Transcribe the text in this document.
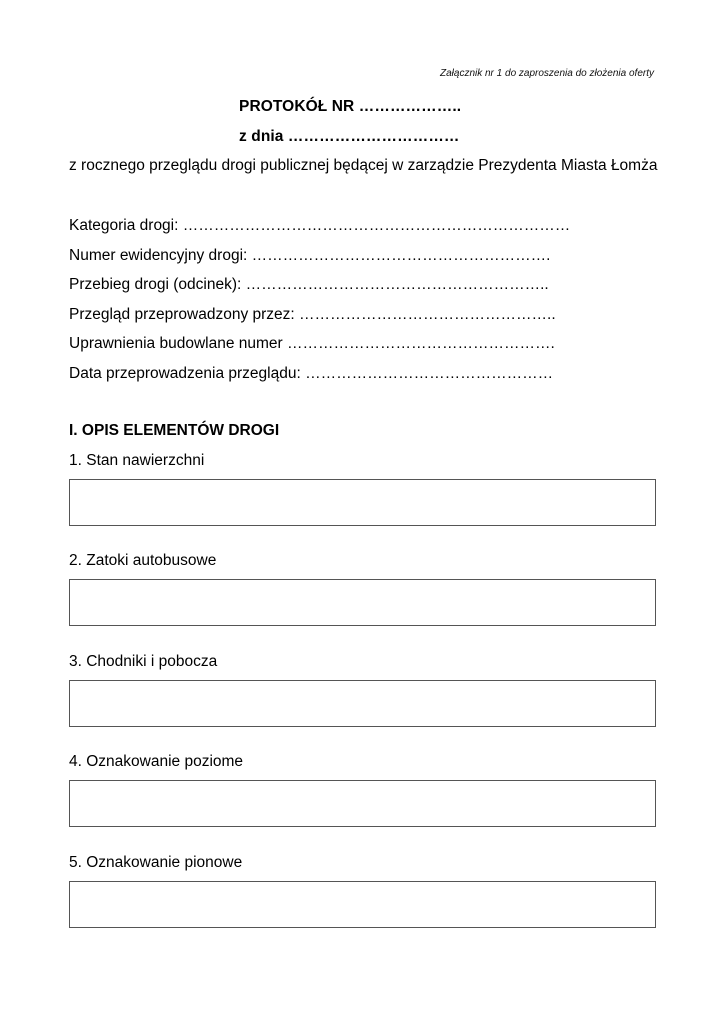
Załącznik nr 1 do zaproszenia do złożenia oferty
PROTOKÓŁ NR ………………..
z dnia ……………………………
z rocznego przeglądu drogi publicznej będącej w zarządzie Prezydenta Miasta Łomża
Kategoria drogi: …………………………………………………………………
Numer ewidencyjny drogi: ………………………………………………….
Przebieg drogi (odcinek): …………………………………………………..
Przegląd przeprowadzony przez: …………………………………………..
Uprawnienia budowlane numer …………………………………………….
Data przeprowadzenia przeglądu: …………………………………………
I. OPIS ELEMENTÓW DROGI
1. Stan nawierzchni
2. Zatoki autobusowe
3. Chodniki i pobocza
4. Oznakowanie poziome
5. Oznakowanie pionowe
